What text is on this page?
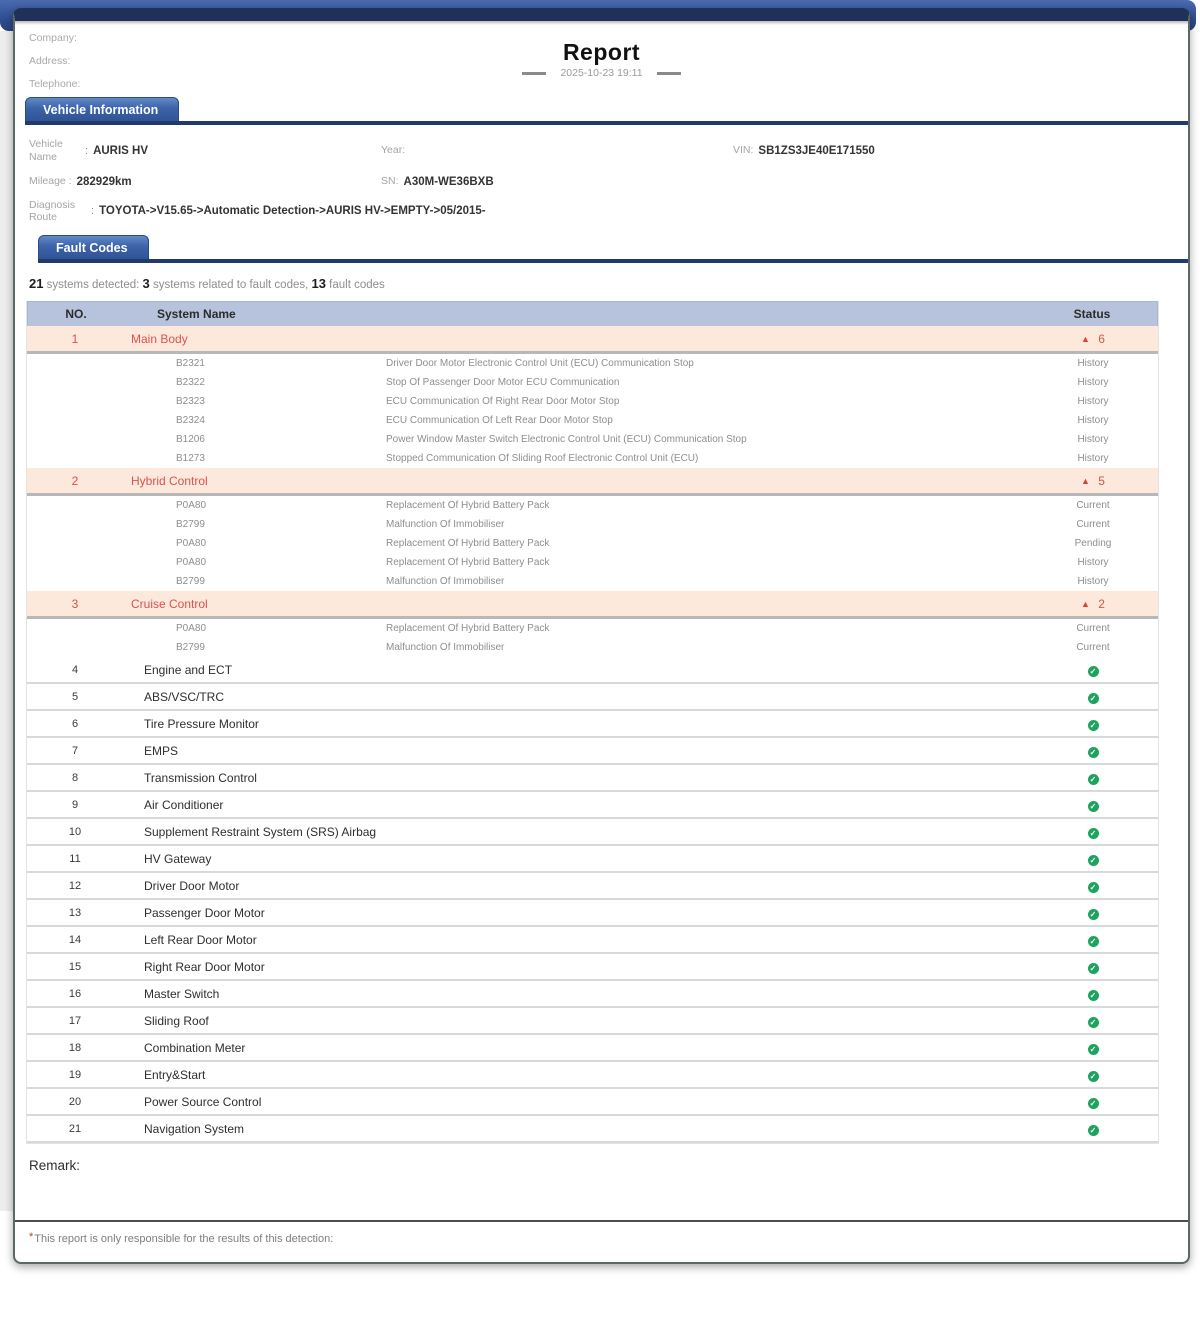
Company:
Address:
Telephone:
Report
2025-10-23 19:11
Vehicle Information
Vehicle Name	: AURIS HV	Year:	VIN: SB1ZS3JE40E171550
Mileage : 282929km	SN: A30M-WE36BXB
Diagnosis Route	: TOYOTA->V15.65->Automatic Detection->AURIS HV->EMPTY->05/2015-
Fault Codes
21 systems detected: 3 systems related to fault codes, 13 fault codes
NO.	System Name	Status
1	Main Body	▲ 6
B2321	Driver Door Motor Electronic Control Unit (ECU) Communication Stop	History
B2322	Stop Of Passenger Door Motor ECU Communication	History
B2323	ECU Communication Of Right Rear Door Motor Stop	History
B2324	ECU Communication Of Left Rear Door Motor Stop	History
B1206	Power Window Master Switch Electronic Control Unit (ECU) Communication Stop	History
B1273	Stopped Communication Of Sliding Roof Electronic Control Unit (ECU)	History
2	Hybrid Control	▲ 5
P0A80	Replacement Of Hybrid Battery Pack	Current
B2799	Malfunction Of Immobiliser	Current
P0A80	Replacement Of Hybrid Battery Pack	Pending
P0A80	Replacement Of Hybrid Battery Pack	History
B2799	Malfunction Of Immobiliser	History
3	Cruise Control	▲ 2
P0A80	Replacement Of Hybrid Battery Pack	Current
B2799	Malfunction Of Immobiliser	Current
4	Engine and ECT	✓
5	ABS/VSC/TRC	✓
6	Tire Pressure Monitor	✓
7	EMPS	✓
8	Transmission Control	✓
9	Air Conditioner	✓
10	Supplement Restraint System (SRS) Airbag	✓
11	HV Gateway	✓
12	Driver Door Motor	✓
13	Passenger Door Motor	✓
14	Left Rear Door Motor	✓
15	Right Rear Door Motor	✓
16	Master Switch	✓
17	Sliding Roof	✓
18	Combination Meter	✓
19	Entry&Start	✓
20	Power Source Control	✓
21	Navigation System	✓
Remark:
*This report is only responsible for the results of this detection:
